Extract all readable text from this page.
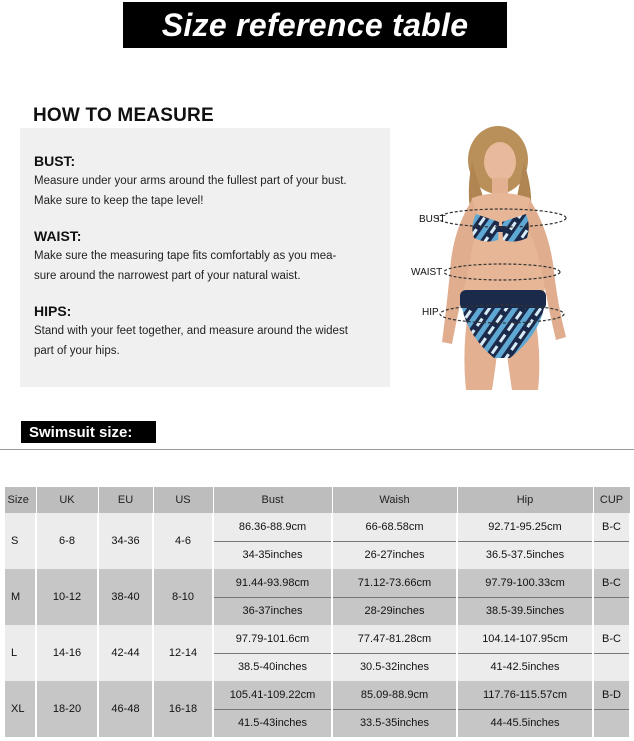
Size reference table
HOW TO MEASURE
BUST:
Measure under your arms around the fullest part of your bust.
Make sure to keep the tape level!
WAIST:
Make sure the measuring tape fits comfortably as you mea-
sure around the narrowest part of your natural waist.
HIPS:
Stand with your feet together, and measure around the widest
part of your hips.
BUST
WAIST
HIP
Swimsuit size:
Size	UK	EU	US	Bust	Waish	Hip	CUP
S	6-8	34-36	4-6	86.36-88.9cm	66-68.58cm	92.71-95.25cm	B-C
				34-35inches	26-27inches	36.5-37.5inches	
M	10-12	38-40	8-10	91.44-93.98cm	71.12-73.66cm	97.79-100.33cm	B-C
				36-37inches	28-29inches	38.5-39.5inches	
L	14-16	42-44	12-14	97.79-101.6cm	77.47-81.28cm	104.14-107.95cm	B-C
				38.5-40inches	30.5-32inches	41-42.5inches	
XL	18-20	46-48	16-18	105.41-109.22cm	85.09-88.9cm	117.76-115.57cm	B-D
				41.5-43inches	33.5-35inches	44-45.5inches	
